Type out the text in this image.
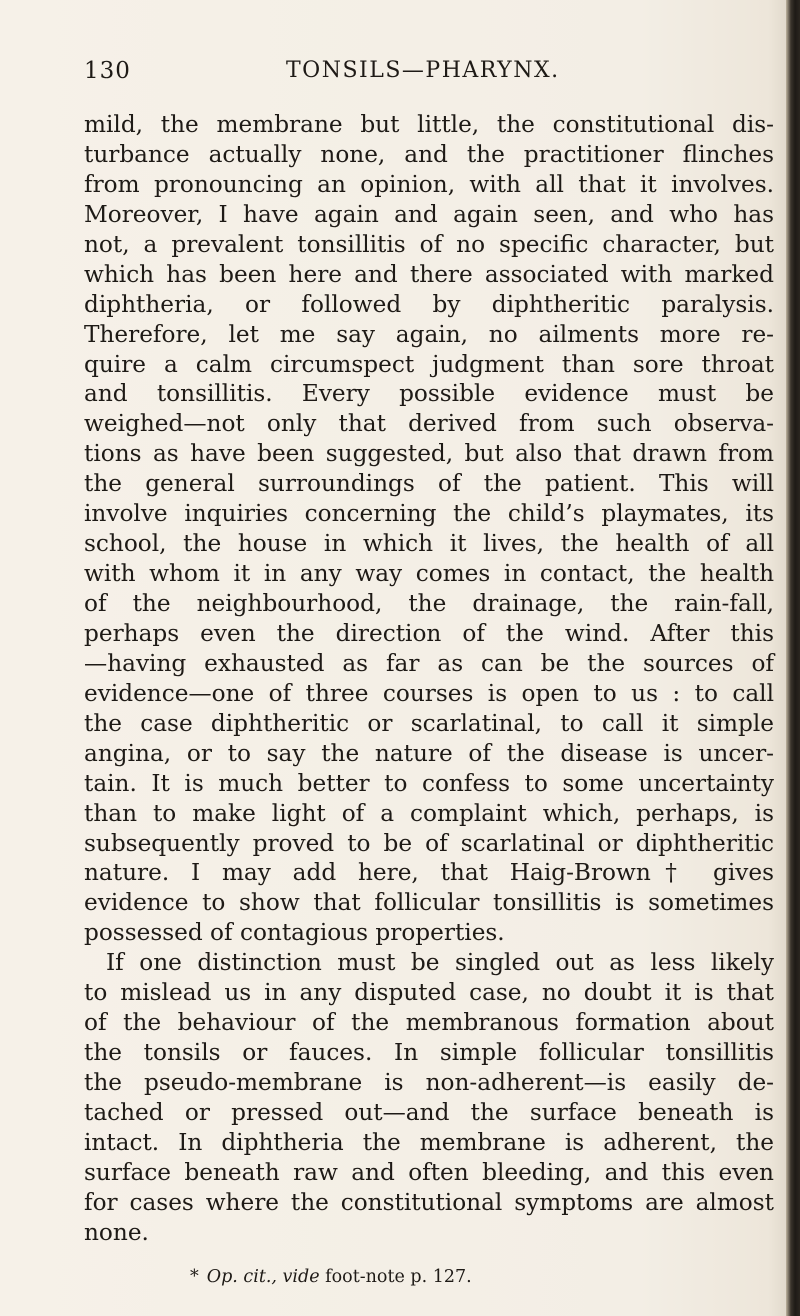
130	TONSILS—PHARYNX.
mild, the membrane but little, the constitutional dis-
turbance actually none, and the practitioner flinches
from pronouncing an opinion, with all that it involves.
Moreover, I have again and again seen, and who has
not, a prevalent tonsillitis of no specific character, but
which has been here and there associated with marked
diphtheria, or followed by diphtheritic paralysis.
Therefore, let me say again, no ailments more re-
quire a calm circumspect judgment than sore throat
and tonsillitis. Every possible evidence must be
weighed—not only that derived from such observa-
tions as have been suggested, but also that drawn from
the general surroundings of the patient. This will
involve inquiries concerning the child’s playmates, its
school, the house in which it lives, the health of all
with whom it in any way comes in contact, the health
of the neighbourhood, the drainage, the rain-fall,
perhaps even the direction of the wind. After this
—having exhausted as far as can be the sources of
evidence—one of three courses is open to us : to call
the case diphtheritic or scarlatinal, to call it simple
angina, or to say the nature of the disease is uncer-
tain. It is much better to confess to some uncertainty
than to make light of a complaint which, perhaps, is
subsequently proved to be of scarlatinal or diphtheritic
nature. I may add here, that Haig-Brown† gives
evidence to show that follicular tonsillitis is sometimes
possessed of contagious properties.
If one distinction must be singled out as less likely
to mislead us in any disputed case, no doubt it is that
of the behaviour of the membranous formation about
the tonsils or fauces. In simple follicular tonsillitis
the pseudo-membrane is non-adherent—is easily de-
tached or pressed out—and the surface beneath is
intact. In diphtheria the membrane is adherent, the
surface beneath raw and often bleeding, and this even
for cases where the constitutional symptoms are almost
none.
* Op. cit., vide foot-note p. 127.
